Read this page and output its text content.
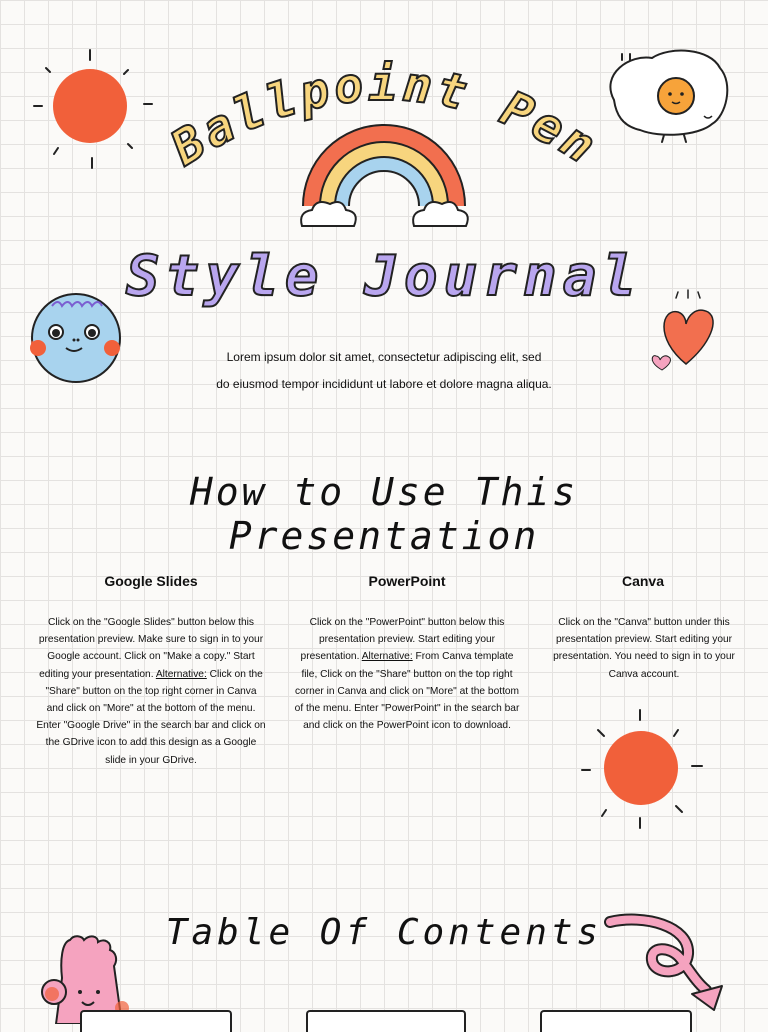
Ballpoint Pen
Style Journal
Lorem ipsum dolor sit amet, consectetur adipiscing elit, sed
do eiusmod tempor incididunt ut labore et dolore magna aliqua.
How to Use This Presentation
Google Slides
Click on the "Google Slides" button below this presentation preview. Make sure to sign in to your Google account. Click on "Make a copy." Start editing your presentation. Alternative: Click on the "Share" button on the top right corner in Canva and click on "More" at the bottom of the menu. Enter "Google Drive" in the search bar and click on the GDrive icon to add this design as a Google slide in your GDrive.
PowerPoint
Click on the "PowerPoint" button below this presentation preview. Start editing your presentation. Alternative: From Canva template file, Click on the "Share" button on the top right corner in Canva and click on "More" at the bottom of the menu. Enter "PowerPoint" in the search bar and click on the PowerPoint icon to download.
Canva
Click on the "Canva" button under this presentation preview. Start editing your presentation. You need to sign in to your Canva account.
Table Of Contents
